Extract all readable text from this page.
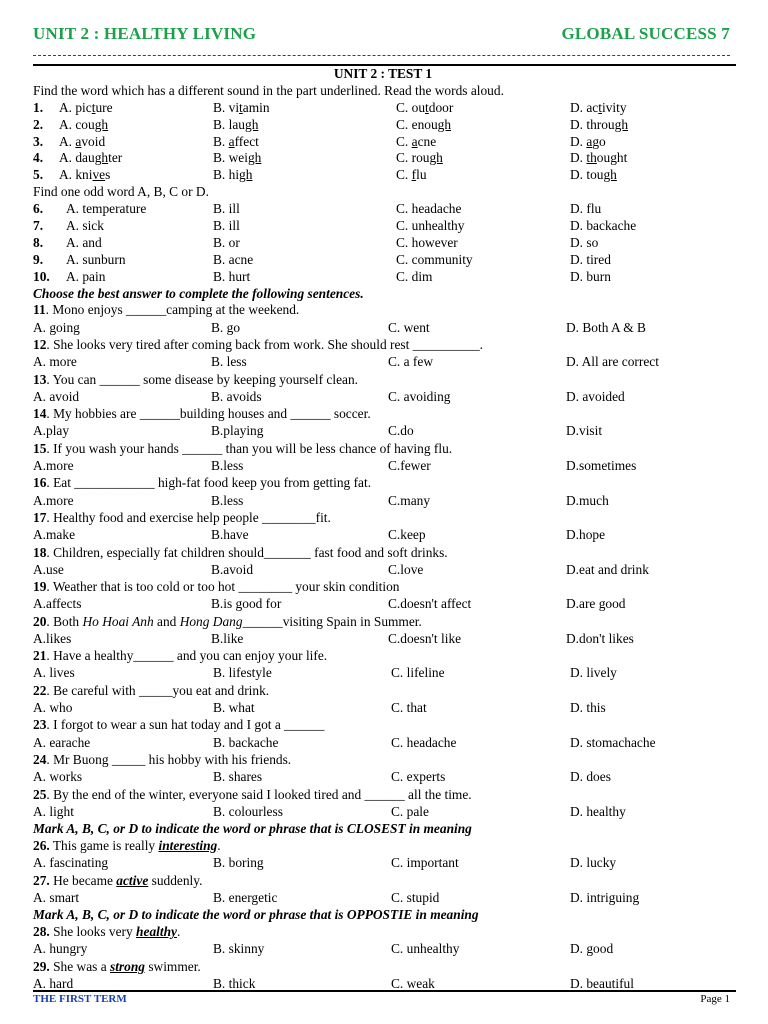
UNIT 2 : HEALTHY LIVING	GLOBAL SUCCESS 7
UNIT 2 : TEST 1
Find the word which has a different sound in the part underlined. Read the words aloud.
1. A. picture	B. vitamin	C. outdoor	D. activity
2. A. cough	B. laugh	C. enough	D. through
3. A. avoid	B. affect	C. acne	D. ago
4. A. daughter	B. weigh	C. rough	D. thought
5. A. knives	B. high	C. flu	D. tough
Find one odd word A, B, C or D.
6. A. temperature	B. ill	C. headache	D. flu
7. A. sick	B. ill	C. unhealthy	D. backache
8. A. and	B. or	C. however	D. so
9. A. sunburn	B. acne	C. community	D. tired
10. A. pain	B. hurt	C. dim	D. burn
Choose the best answer to complete the following sentences.
11. Mono enjoys ______camping at the weekend.
A. going	B. go	C. went	D. Both A & B
12. She looks very tired after coming back from work. She should rest __________.
A. more	B. less	C. a few	D. All are correct
13. You can ______ some disease by keeping yourself clean.
A. avoid	B. avoids	C. avoiding	D. avoided
14. My hobbies are ______building houses and ______ soccer.
A.play	B.playing	C.do	D.visit
15. If you wash your hands ______ than you will be less chance of having flu.
A.more	B.less	C.fewer	D.sometimes
16. Eat ____________ high-fat food keep you from getting fat.
A.more	B.less	C.many	D.much
17. Healthy food and exercise help people ________fit.
A.make	B.have	C.keep	D.hope
18. Children, especially fat children should_______ fast food and soft drinks.
A.use	B.avoid	C.love	D.eat and drink
19. Weather that is too cold or too hot ________ your skin condition
A.affects	B.is good for	C.doesn't affect	D.are good
20. Both Ho Hoai Anh and Hong Dang______visiting Spain in Summer.
A.likes	B.like	C.doesn't like	D.don't likes
21. Have a healthy______ and you can enjoy your life.
A. lives	B. lifestyle	C. lifeline	D. lively
22. Be careful with _____you eat and drink.
A. who	B. what	C. that	D. this
23. I forgot to wear a sun hat today and I got a ______
A. earache	B. backache	C. headache	D. stomachache
24. Mr Buong _____ his hobby with his friends.
A. works	B. shares	C. experts	D. does
25. By the end of the winter, everyone said I looked tired and ______ all the time.
A. light	B. colourless	C. pale	D. healthy
Mark A, B, C, or D to indicate the word or phrase that is CLOSEST in meaning
26. This game is really interesting.
A. fascinating	B. boring	C. important	D. lucky
27. He became active suddenly.
A. smart	B. energetic	C. stupid	D. intriguing
Mark A, B, C, or D to indicate the word or phrase that is OPPOSTIE in meaning
28. She looks very healthy.
A. hungry	B. skinny	C. unhealthy	D. good
29. She was a strong swimmer.
A. hard	B. thick	C. weak	D. beautiful
THE FIRST TERM	Page 1
